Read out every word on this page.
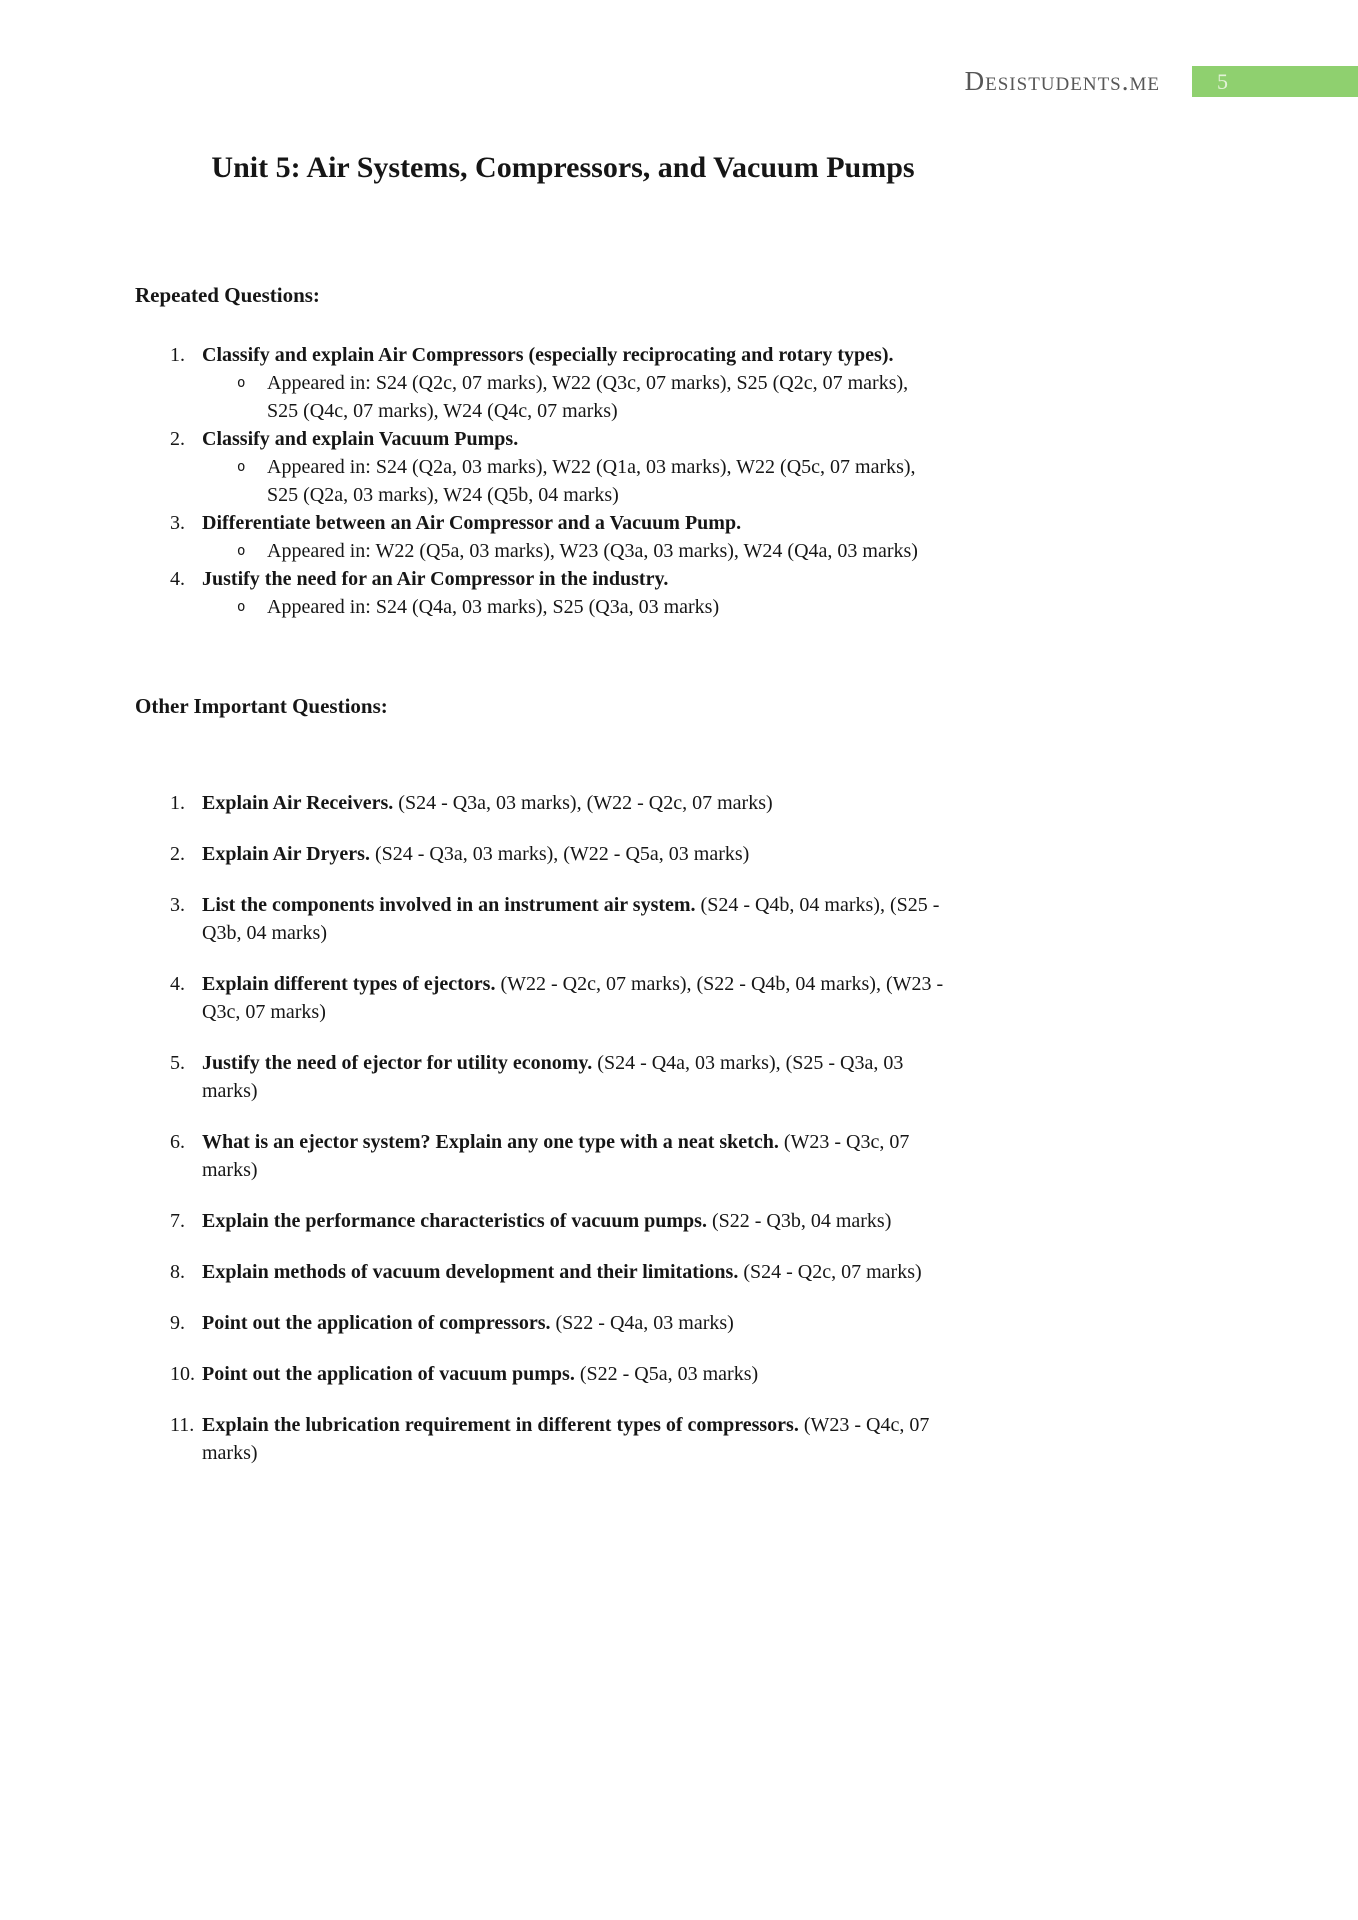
Desistudents.me	5
Unit 5: Air Systems, Compressors, and Vacuum Pumps
Repeated Questions:
1. Classify and explain Air Compressors (especially reciprocating and rotary types).
o	Appeared in: S24 (Q2c, 07 marks), W22 (Q3c, 07 marks), S25 (Q2c, 07 marks), S25 (Q4c, 07 marks), W24 (Q4c, 07 marks)
2. Classify and explain Vacuum Pumps.
o	Appeared in: S24 (Q2a, 03 marks), W22 (Q1a, 03 marks), W22 (Q5c, 07 marks), S25 (Q2a, 03 marks), W24 (Q5b, 04 marks)
3. Differentiate between an Air Compressor and a Vacuum Pump.
o	Appeared in: W22 (Q5a, 03 marks), W23 (Q3a, 03 marks), W24 (Q4a, 03 marks)
4. Justify the need for an Air Compressor in the industry.
o	Appeared in: S24 (Q4a, 03 marks), S25 (Q3a, 03 marks)
Other Important Questions:
1. Explain Air Receivers. (S24 - Q3a, 03 marks), (W22 - Q2c, 07 marks)
2. Explain Air Dryers. (S24 - Q3a, 03 marks), (W22 - Q5a, 03 marks)
3. List the components involved in an instrument air system. (S24 - Q4b, 04 marks), (S25 - Q3b, 04 marks)
4. Explain different types of ejectors. (W22 - Q2c, 07 marks), (S22 - Q4b, 04 marks), (W23 - Q3c, 07 marks)
5. Justify the need of ejector for utility economy. (S24 - Q4a, 03 marks), (S25 - Q3a, 03 marks)
6. What is an ejector system? Explain any one type with a neat sketch. (W23 - Q3c, 07 marks)
7. Explain the performance characteristics of vacuum pumps. (S22 - Q3b, 04 marks)
8. Explain methods of vacuum development and their limitations. (S24 - Q2c, 07 marks)
9. Point out the application of compressors. (S22 - Q4a, 03 marks)
10. Point out the application of vacuum pumps. (S22 - Q5a, 03 marks)
11. Explain the lubrication requirement in different types of compressors. (W23 - Q4c, 07 marks)
